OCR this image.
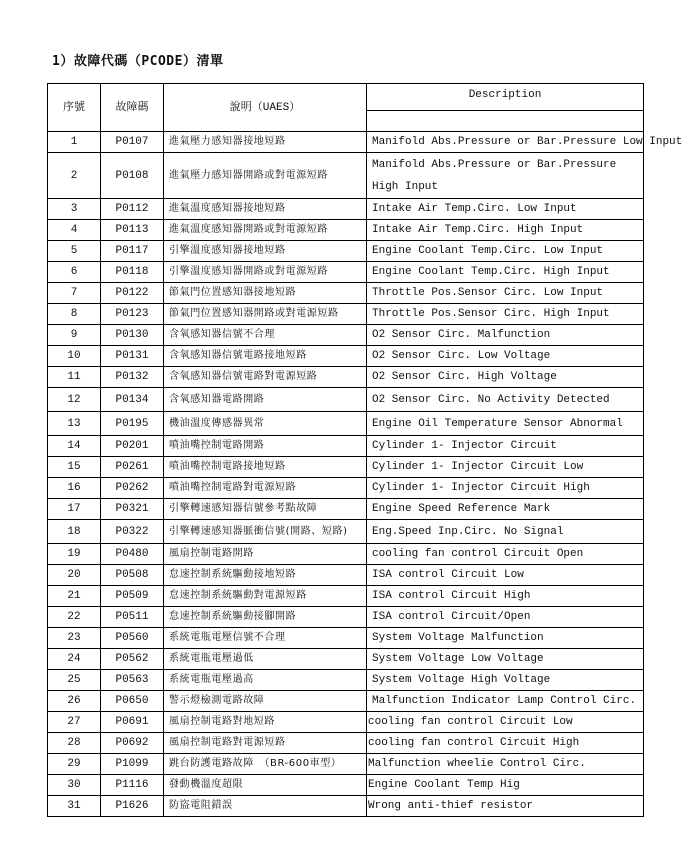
1）故障代碼（PCODE）清單
序號	故障碼	說明（UAES）	Description

1	P0107	進氣壓力感知器接地短路	Manifold Abs.Pressure or Bar.Pressure Low Input
2	P0108	進氣壓力感知器開路或對電源短路	Manifold Abs.Pressure or Bar.Pressure High Input
3	P0112	進氣溫度感知器接地短路	Intake Air Temp.Circ. Low Input
4	P0113	進氣溫度感知器開路或對電源短路	Intake Air Temp.Circ. High Input
5	P0117	引擎溫度感知器接地短路	Engine Coolant Temp.Circ. Low Input
6	P0118	引擎溫度感知器開路或對電源短路	Engine Coolant Temp.Circ. High Input
7	P0122	節氣門位置感知器接地短路	Throttle Pos.Sensor Circ. Low Input
8	P0123	節氣門位置感知器開路或對電源短路	Throttle Pos.Sensor Circ. High Input
9	P0130	含氧感知器信號不合理	O2 Sensor Circ. Malfunction
10	P0131	含氧感知器信號電路接地短路	O2 Sensor Circ. Low Voltage
11	P0132	含氧感知器信號電路對電源短路	O2 Sensor Circ. High Voltage
12	P0134	含氧感知器電路開路	O2 Sensor Circ. No Activity Detected
13	P0195	機油溫度傳感器異常	Engine Oil Temperature Sensor Abnormal
14	P0201	噴油嘴控制電路開路	Cylinder 1- Injector Circuit
15	P0261	噴油嘴控制電路接地短路	Cylinder 1- Injector Circuit Low
16	P0262	噴油嘴控制電路對電源短路	Cylinder 1- Injector Circuit High
17	P0321	引擎轉速感知器信號參考點故障	Engine Speed Reference Mark
18	P0322	引擎轉速感知器脈衝信號(開路、短路)	Eng.Speed Inp.Circ. No Signal
19	P0480	風扇控制電路開路	cooling fan control Circuit Open
20	P0508	怠速控制系統驅動接地短路	ISA control Circuit Low
21	P0509	怠速控制系統驅動對電源短路	ISA control Circuit High
22	P0511	怠速控制系統驅動接腳開路	ISA control Circuit/Open
23	P0560	系統電瓶電壓信號不合理	System Voltage Malfunction
24	P0562	系統電瓶電壓過低	System Voltage Low Voltage
25	P0563	系統電瓶電壓過高	System Voltage High Voltage
26	P0650	警示燈檢測電路故障	Malfunction Indicator Lamp Control Circ.
27	P0691	風扇控制電路對地短路	cooling fan control Circuit Low
28	P0692	風扇控制電路對電源短路	cooling fan control Circuit High
29	P1099	跳台防護電路故障　（BR-600車型）	Malfunction wheelie Control Circ.
30	P1116	發動機溫度超限	Engine Coolant Temp Hig
31	P1626	防盜電阻錯誤	Wrong anti-thief resistor
